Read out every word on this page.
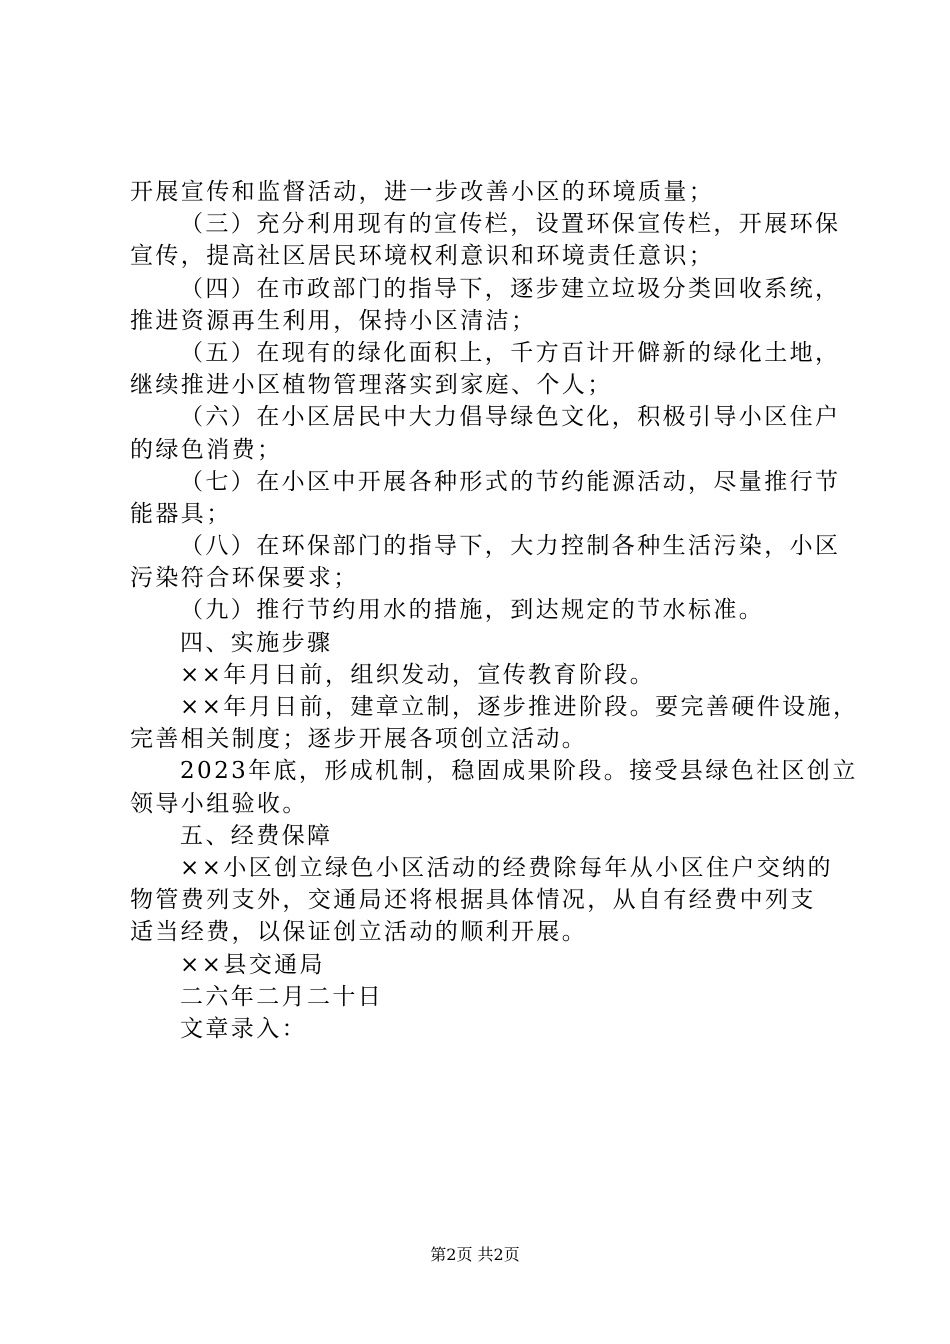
开展宣传和监督活动，进一步改善小区的环境质量；
（三）充分利用现有的宣传栏，设置环保宣传栏，开展环保
宣传，提高社区居民环境权利意识和环境责任意识；
（四）在市政部门的指导下，逐步建立垃圾分类回收系统，
推进资源再生利用，保持小区清洁；
（五）在现有的绿化面积上，千方百计开僻新的绿化土地，
继续推进小区植物管理落实到家庭、个人；
（六）在小区居民中大力倡导绿色文化，积极引导小区住户
的绿色消费；
（七）在小区中开展各种形式的节约能源活动，尽量推行节
能器具；
（八）在环保部门的指导下，大力控制各种生活污染，小区
污染符合环保要求；
（九）推行节约用水的措施，到达规定的节水标准。
四、实施步骤
××年月日前，组织发动，宣传教育阶段。
××年月日前，建章立制，逐步推进阶段。要完善硬件设施，
完善相关制度；逐步开展各项创立活动。
2023年底，形成机制，稳固成果阶段。接受县绿色社区创立
领导小组验收。
五、经费保障
××小区创立绿色小区活动的经费除每年从小区住户交纳的
物管费列支外，交通局还将根据具体情况，从自有经费中列支
适当经费，以保证创立活动的顺利开展。
××县交通局
二六年二月二十日
文章录入：
第2页 共2页
